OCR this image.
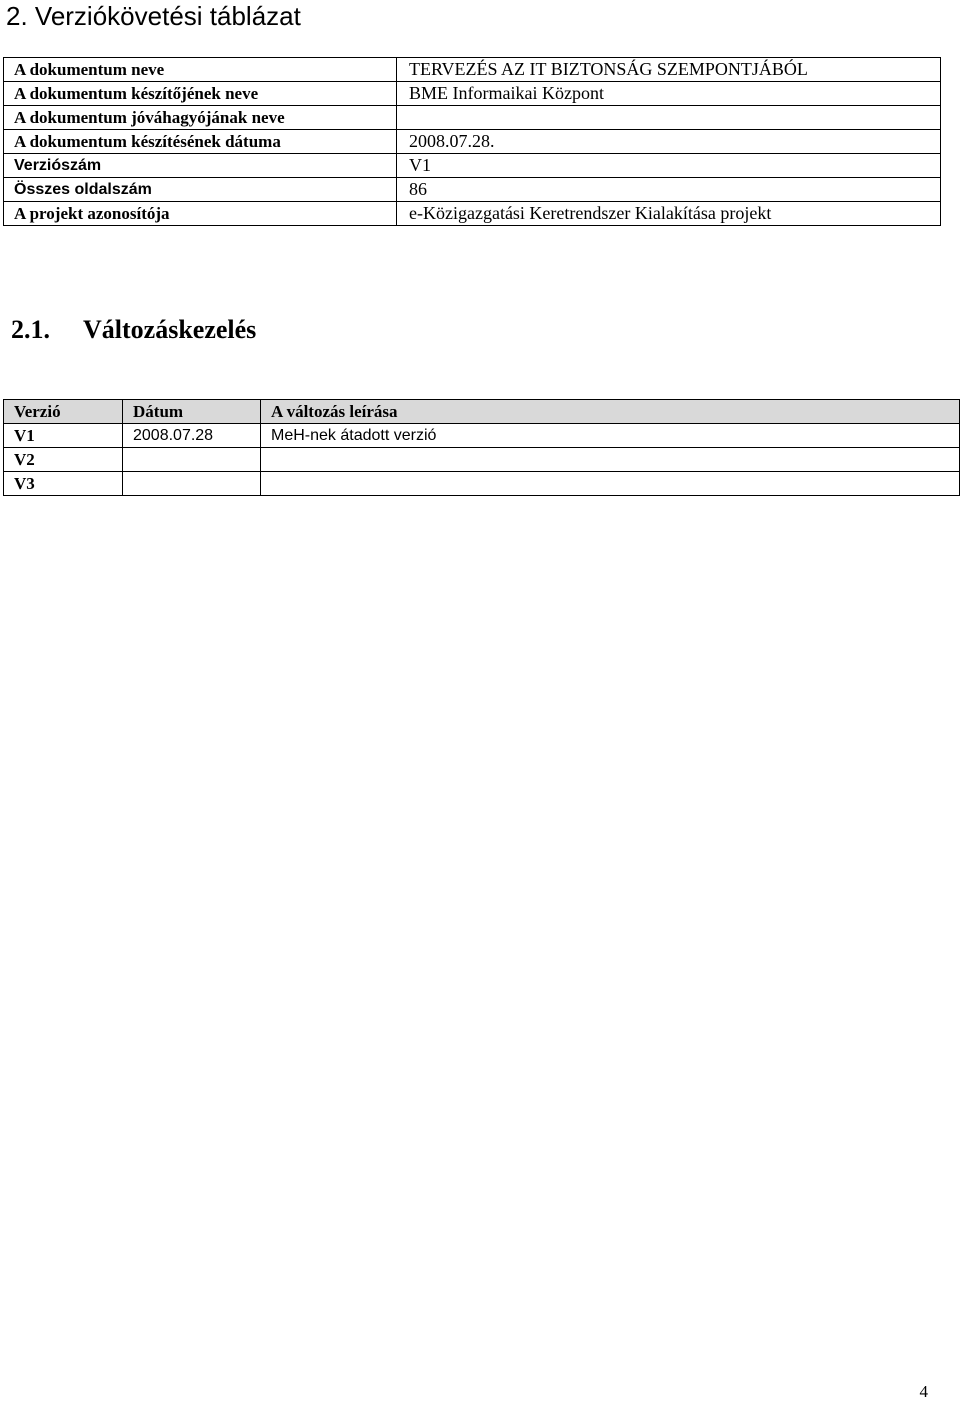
2. Verziókövetési táblázat
A dokumentum neve	TERVEZÉS AZ IT BIZTONSÁG SZEMPONTJÁBÓL
A dokumentum készítőjének neve	BME Informaikai Központ
A dokumentum jóváhagyójának neve	
A dokumentum készítésének dátuma	2008.07.28.
Verziószám	V1
Összes oldalszám	86
A projekt azonosítója	e-Közigazgatási Keretrendszer Kialakítása projekt
2.1. Változáskezelés
Verzió	Dátum	A változás leírása
V1	2008.07.28	MeH-nek átadott verzió
V2		
V3		
4
